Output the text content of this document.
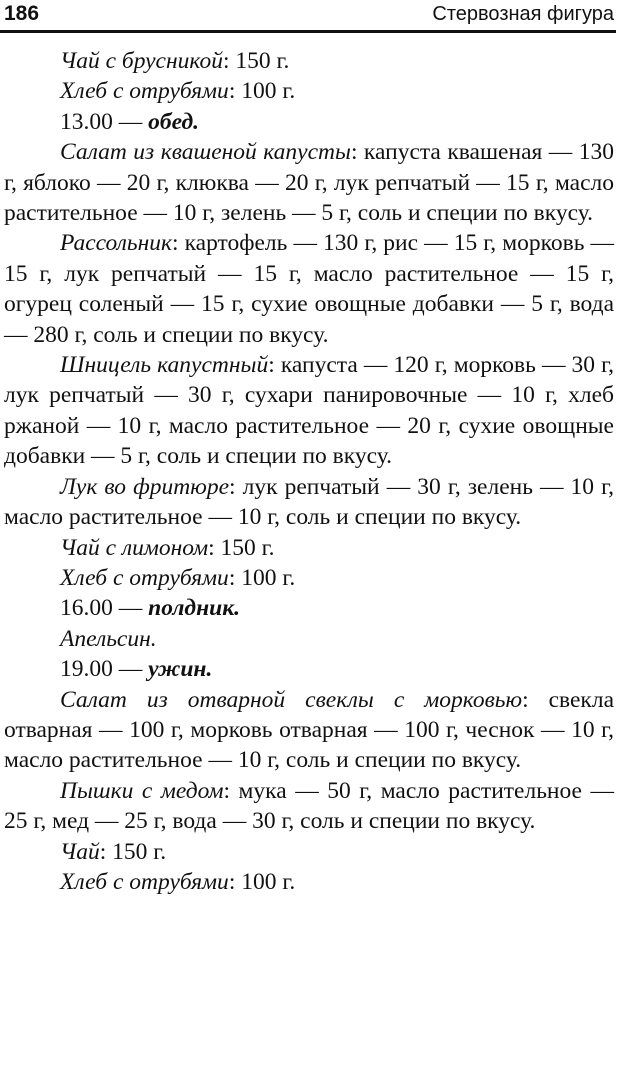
186	Стервозная фигура

Чай с брусникой: 150 г.

Хлеб с отрубями: 100 г.

13.00 — обед.

Салат из квашеной капусты: капуста квашеная — 130 г, яблоко — 20 г, клюква — 20 г, лук репчатый — 15 г, масло растительное — 10 г, зелень — 5 г, соль и специи по вкусу.

Рассольник: картофель — 130 г, рис — 15 г, морковь — 15 г, лук репчатый — 15 г, масло растительное — 15 г, огурец соленый — 15 г, сухие овощные добавки — 5 г, вода — 280 г, соль и специи по вкусу.

Шницель капустный: капуста — 120 г, морковь — 30 г, лук репчатый — 30 г, сухари панировочные — 10 г, хлеб ржаной — 10 г, масло растительное — 20 г, сухие овощные добавки — 5 г, соль и специи по вкусу.

Лук во фритюре: лук репчатый — 30 г, зелень — 10 г, масло растительное — 10 г, соль и специи по вкусу.

Чай с лимоном: 150 г.

Хлеб с отрубями: 100 г.

16.00 — полдник.

Апельсин.

19.00 — ужин.

Салат из отварной свеклы с морковью: свекла отварная — 100 г, морковь отварная — 100 г, чеснок — 10 г, масло растительное — 10 г, соль и специи по вкусу.

Пышки с медом: мука — 50 г, масло растительное — 25 г, мед — 25 г, вода — 30 г, соль и специи по вкусу.

Чай: 150 г.

Хлеб с отрубями: 100 г.
